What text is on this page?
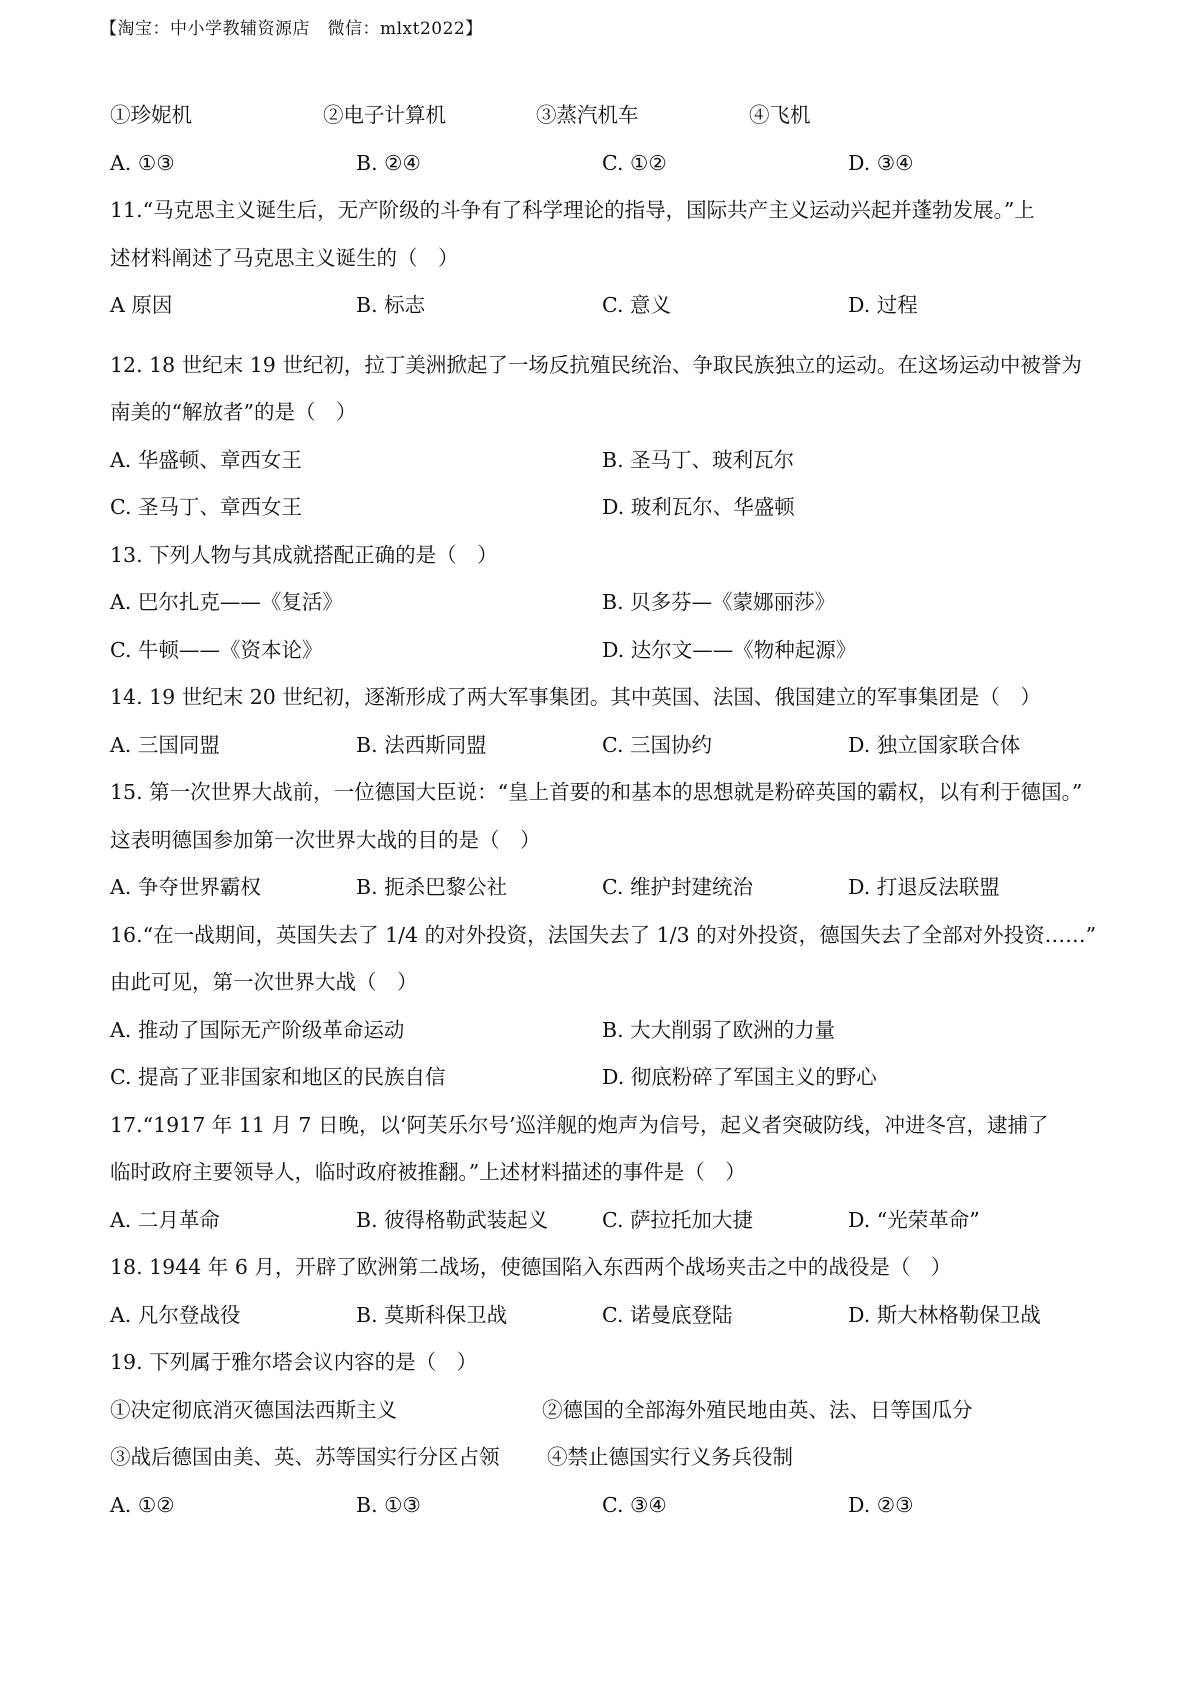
【淘宝：中小学教辅资源店　微信：mlxt2022】
①珍妮机	②电子计算机	③蒸汽机车	④飞机
A. ①③	B. ②④	C. ①②	D. ③④
11.“马克思主义诞生后，无产阶级的斗争有了科学理论的指导，国际共产主义运动兴起并蓬勃发展。”上
述材料阐述了马克思主义诞生的（　）
A 原因	B. 标志	C. 意义	D. 过程
12. 18 世纪末 19 世纪初，拉丁美洲掀起了一场反抗殖民统治、争取民族独立的运动。在这场运动中被誉为
南美的“解放者”的是（　）
A. 华盛顿、章西女王	B. 圣马丁、玻利瓦尔
C. 圣马丁、章西女王	D. 玻利瓦尔、华盛顿
13. 下列人物与其成就搭配正确的是（　）
A. 巴尔扎克——《复活》	B. 贝多芬—《蒙娜丽莎》
C. 牛顿——《资本论》	D. 达尔文——《物种起源》
14. 19 世纪末 20 世纪初，逐渐形成了两大军事集团。其中英国、法国、俄国建立的军事集团是（　）
A. 三国同盟	B. 法西斯同盟	C. 三国协约	D. 独立国家联合体
15. 第一次世界大战前，一位德国大臣说：“皇上首要的和基本的思想就是粉碎英国的霸权，以有利于德国。”
这表明德国参加第一次世界大战的目的是（　）
A. 争夺世界霸权	B. 扼杀巴黎公社	C. 维护封建统治	D. 打退反法联盟
16.“在一战期间，英国失去了 1/4 的对外投资，法国失去了 1/3 的对外投资，德国失去了全部对外投资……”
由此可见，第一次世界大战（　）
A. 推动了国际无产阶级革命运动	B. 大大削弱了欧洲的力量
C. 提高了亚非国家和地区的民族自信	D. 彻底粉碎了军国主义的野心
17.“1917 年 11 月 7 日晚，以‘阿芙乐尔号’巡洋舰的炮声为信号，起义者突破防线，冲进冬宫，逮捕了
临时政府主要领导人，临时政府被推翻。”上述材料描述的事件是（　）
A. 二月革命	B. 彼得格勒武装起义	C. 萨拉托加大捷	D. “光荣革命”
18. 1944 年 6 月，开辟了欧洲第二战场，使德国陷入东西两个战场夹击之中的战役是（　）
A. 凡尔登战役	B. 莫斯科保卫战	C. 诺曼底登陆	D. 斯大林格勒保卫战
19. 下列属于雅尔塔会议内容的是（　）
①决定彻底消灭德国法西斯主义	②德国的全部海外殖民地由英、法、日等国瓜分
③战后德国由美、英、苏等国实行分区占领	④禁止德国实行义务兵役制
A. ①②	B. ①③	C. ③④	D. ②③
